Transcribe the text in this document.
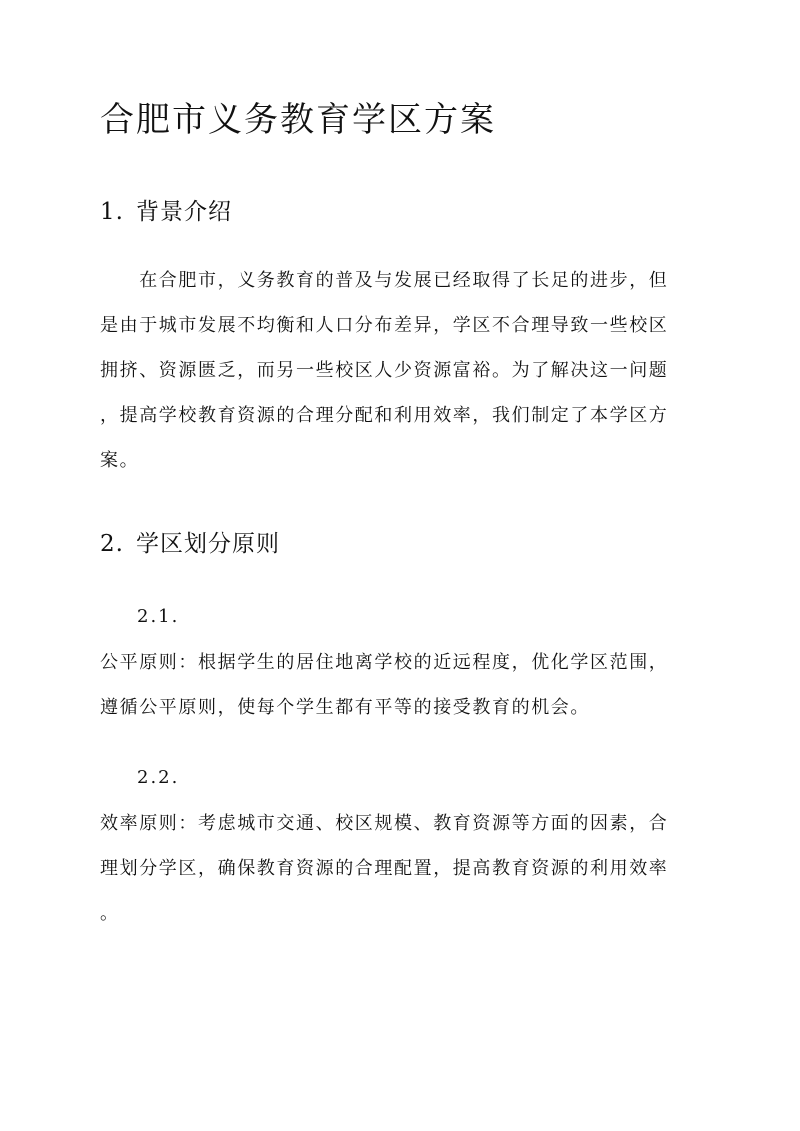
合肥市义务教育学区方案
1. 背景介绍
　　在合肥市，义务教育的普及与发展已经取得了长足的进步，但
是由于城市发展不均衡和人口分布差异，学区不合理导致一些校区
拥挤、资源匮乏，而另一些校区人少资源富裕。为了解决这一问题
，提高学校教育资源的合理分配和利用效率，我们制定了本学区方
案。
2. 学区划分原则
2.1.
公平原则：根据学生的居住地离学校的近远程度，优化学区范围，
遵循公平原则，使每个学生都有平等的接受教育的机会。
2.2.
效率原则：考虑城市交通、校区规模、教育资源等方面的因素，合
理划分学区，确保教育资源的合理配置，提高教育资源的利用效率
。
